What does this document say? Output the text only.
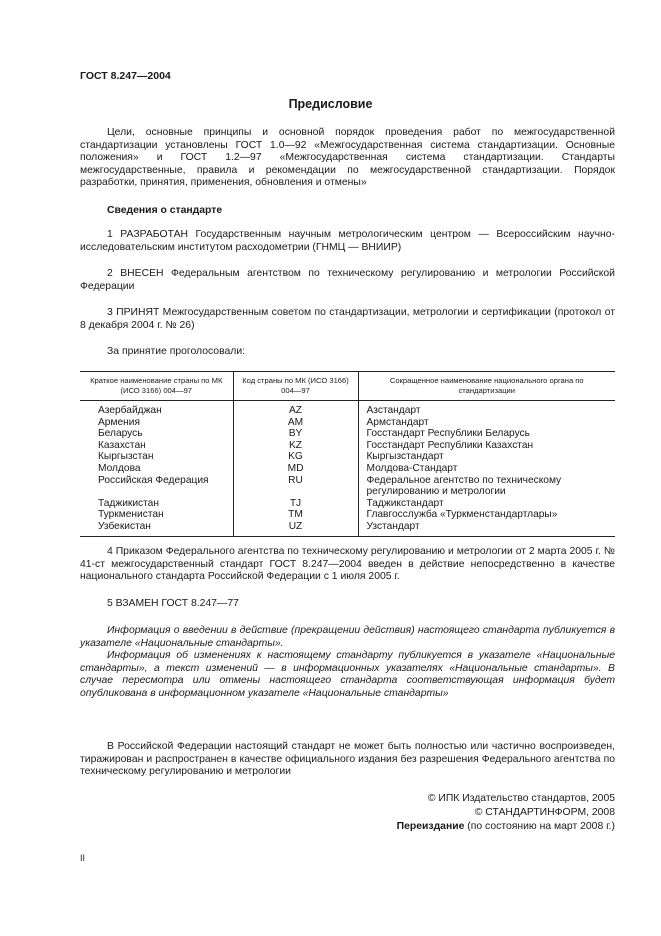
ГОСТ 8.247—2004
Предисловие
Цели, основные принципы и основной порядок проведения работ по межгосударственной стандартизации установлены ГОСТ 1.0—92 «Межгосударственная система стандартизации. Основные положения» и ГОСТ 1.2—97 «Межгосударственная система стандартизации. Стандарты межгосударственные, правила и рекомендации по межгосударственной стандартизации. Порядок разработки, принятия, применения, обновления и отмены»
Сведения о стандарте
1 РАЗРАБОТАН Государственным научным метрологическим центром — Всероссийским научно-исследовательским институтом расходометрии (ГНМЦ — ВНИИР)
2 ВНЕСЕН Федеральным агентством по техническому регулированию и метрологии Российской Федерации
3 ПРИНЯТ Межгосударственным советом по стандартизации, метрологии и сертификации (протокол от 8 декабря 2004 г. № 26)
За принятие проголосовали:
Краткое наименование страны по МК (ИСО 3166) 004—97	Код страны по МК (ИСО 3166) 004—97	Сокращенное наименование национального органа по стандартизации
Азербайджан	AZ	Азстандарт
Армения	AM	Армстандарт
Беларусь	BY	Госстандарт Республики Беларусь
Казахстан	KZ	Госстандарт Республики Казахстан
Кыргызстан	KG	Кыргызстандарт
Молдова	MD	Молдова-Стандарт
Российская Федерация	RU	Федеральное агентство по техническому регулированию и метрологии
Таджикистан	TJ	Таджикстандарт
Туркменистан	TM	Главгосслужба «Туркменстандартлары»
Узбекистан	UZ	Узстандарт
4 Приказом Федерального агентства по техническому регулированию и метрологии от 2 марта 2005 г. № 41-ст межгосударственный стандарт ГОСТ 8.247—2004 введен в действие непосредственно в качестве национального стандарта Российской Федерации с 1 июля 2005 г.
5 ВЗАМЕН ГОСТ 8.247—77
Информация о введении в действие (прекращении действия) настоящего стандарта публикуется в указателе «Национальные стандарты».
Информация об изменениях к настоящему стандарту публикуется в указателе «Национальные стандарты», а текст изменений — в информационных указателях «Национальные стандарты». В случае пересмотра или отмены настоящего стандарта соответствующая информация будет опубликована в информационном указателе «Национальные стандарты»
В Российской Федерации настоящий стандарт не может быть полностью или частично воспроизведен, тиражирован и распространен в качестве официального издания без разрешения Федерального агентства по техническому регулированию и метрологии
© ИПК Издательство стандартов, 2005
© СТАНДАРТИНФОРМ, 2008
Переиздание (по состоянию на март 2008 г.)
II
